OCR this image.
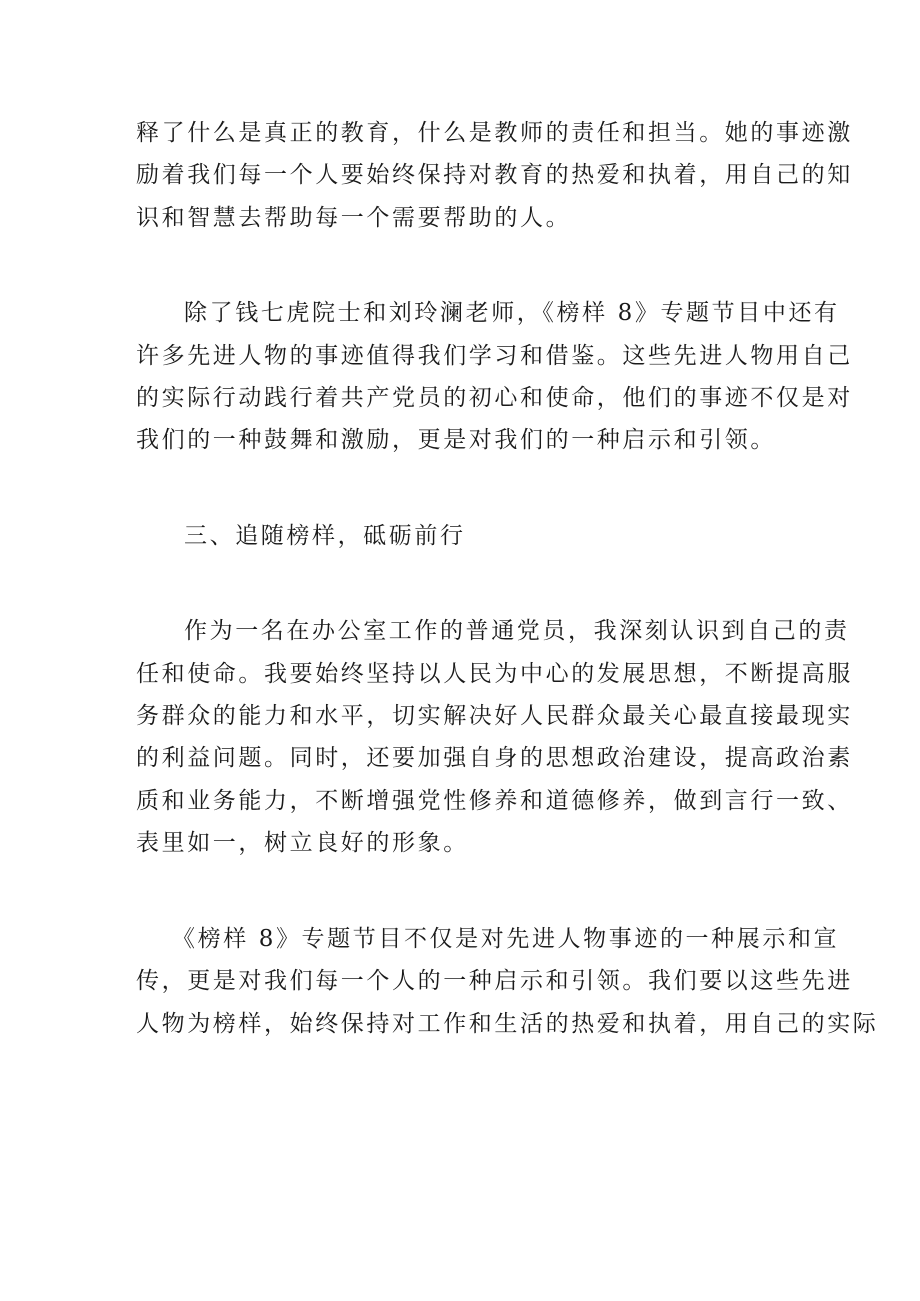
释了什么是真正的教育，什么是教师的责任和担当。她的事迹激
励着我们每一个人要始终保持对教育的热爱和执着，用自己的知
识和智慧去帮助每一个需要帮助的人。
除了钱七虎院士和刘玲澜老师，《榜样 8》专题节目中还有
许多先进人物的事迹值得我们学习和借鉴。这些先进人物用自己
的实际行动践行着共产党员的初心和使命，他们的事迹不仅是对
我们的一种鼓舞和激励，更是对我们的一种启示和引领。
三、追随榜样，砥砺前行
作为一名在办公室工作的普通党员，我深刻认识到自己的责
任和使命。我要始终坚持以人民为中心的发展思想，不断提高服
务群众的能力和水平，切实解决好人民群众最关心最直接最现实
的利益问题。同时，还要加强自身的思想政治建设，提高政治素
质和业务能力，不断增强党性修养和道德修养，做到言行一致、
表里如一，树立良好的形象。
《榜样 8》专题节目不仅是对先进人物事迹的一种展示和宣
传，更是对我们每一个人的一种启示和引领。我们要以这些先进
人物为榜样，始终保持对工作和生活的热爱和执着，用自己的实际
